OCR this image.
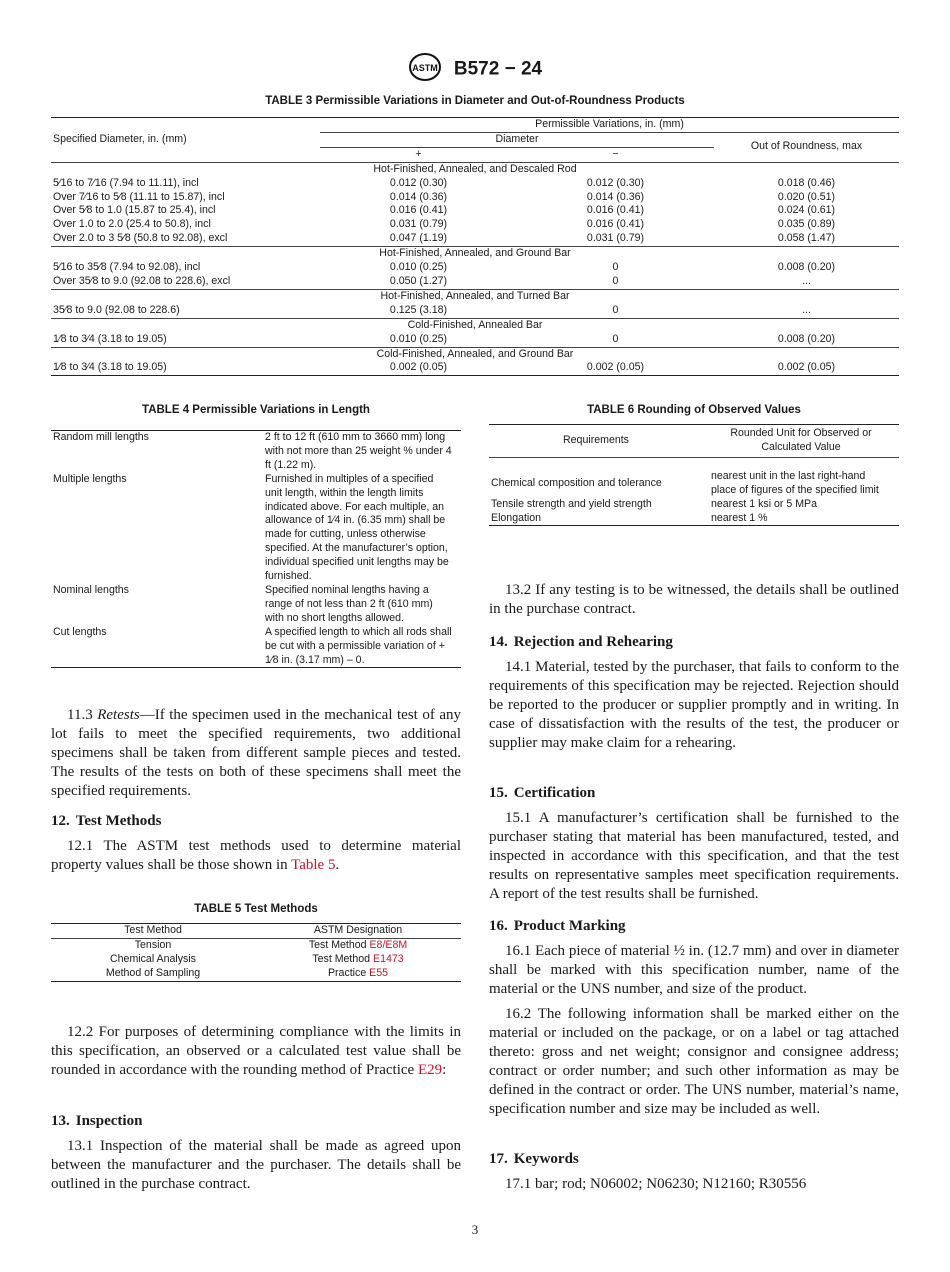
ASTM B572 − 24
TABLE 3 Permissible Variations in Diameter and Out-of-Roundness Products
Specified Diameter, in. (mm)	Permissible Variations, in. (mm)		
	Diameter		Out of Roundness, max
	+	−	
Hot-Finished, Annealed, and Descaled Rod			
5⁄16 to 7⁄16 (7.94 to 11.11), incl	0.012 (0.30)	0.012 (0.30)	0.018 (0.46)
Over 7⁄16 to 5⁄8 (11.11 to 15.87), incl	0.014 (0.36)	0.014 (0.36)	0.020 (0.51)
Over 5⁄8 to 1.0 (15.87 to 25.4), incl	0.016 (0.41)	0.016 (0.41)	0.024 (0.61)
Over 1.0 to 2.0 (25.4 to 50.8), incl	0.031 (0.79)	0.016 (0.41)	0.035 (0.89)
Over 2.0 to 3 5⁄8 (50.8 to 92.08), excl	0.047 (1.19)	0.031 (0.79)	0.058 (1.47)
Hot-Finished, Annealed, and Ground Bar			
5⁄16 to 35⁄8 (7.94 to 92.08), incl	0.010 (0.25)	0	0.008 (0.20)
Over 35⁄8 to 9.0 (92.08 to 228.6), excl	0.050 (1.27)	0	...
Hot-Finished, Annealed, and Turned Bar			
35⁄8 to 9.0 (92.08 to 228.6)	0.125 (3.18)	0	...
Cold-Finished, Annealed Bar			
1⁄8 to 3⁄4 (3.18 to 19.05)	0.010 (0.25)	0	0.008 (0.20)
Cold-Finished, Annealed, and Ground Bar			
1⁄8 to 3⁄4 (3.18 to 19.05)	0.002 (0.05)	0.002 (0.05)	0.002 (0.05)
TABLE 4 Permissible Variations in Length
Random mill lengths	2 ft to 12 ft (610 mm to 3660 mm) long with not more than 25 weight % under 4 ft (1.22 m).
Multiple lengths	Furnished in multiples of a specified unit length, within the length limits indicated above. For each multiple, an allowance of 1⁄4 in. (6.35 mm) shall be made for cutting, unless otherwise specified. At the manufacturer’s option, individual specified unit lengths may be furnished.
Nominal lengths	Specified nominal lengths having a range of not less than 2 ft (610 mm) with no short lengths allowed.
Cut lengths	A specified length to which all rods shall be cut with a permissible variation of + 1⁄8 in. (3.17 mm) – 0.
TABLE 6 Rounding of Observed Values
Requirements	Rounded Unit for Observed or Calculated Value
Chemical composition and tolerance	nearest unit in the last right-hand place of figures of the specified limit
Tensile strength and yield strength	nearest 1 ksi or 5 MPa
Elongation	nearest 1 %
TABLE 5 Test Methods
Test Method	ASTM Designation
Tension	Test Method E8/E8M
Chemical Analysis	Test Method E1473
Method of Sampling	Practice E55

11.3 Retests—If the specimen used in the mechanical test of any lot fails to meet the specified requirements, two additional specimens shall be taken from different sample pieces and tested. The results of the tests on both of these specimens shall meet the specified requirements.

12. Test Methods

12.1 The ASTM test methods used to determine material property values shall be those shown in Table 5.

12.2 For purposes of determining compliance with the limits in this specification, an observed or a calculated test value shall be rounded in accordance with the rounding method of Practice E29:

13. Inspection

13.1 Inspection of the material shall be made as agreed upon between the manufacturer and the purchaser. The details shall be outlined in the purchase contract.

13.2 If any testing is to be witnessed, the details shall be outlined in the purchase contract.

14. Rejection and Rehearing

14.1 Material, tested by the purchaser, that fails to conform to the requirements of this specification may be rejected. Rejection should be reported to the producer or supplier promptly and in writing. In case of dissatisfaction with the results of the test, the producer or supplier may make claim for a rehearing.

15. Certification

15.1 A manufacturer’s certification shall be furnished to the purchaser stating that material has been manufactured, tested, and inspected in accordance with this specification, and that the test results on representative samples meet specification requirements. A report of the test results shall be furnished.

16. Product Marking

16.1 Each piece of material ½ in. (12.7 mm) and over in diameter shall be marked with this specification number, name of the material or the UNS number, and size of the product.

16.2 The following information shall be marked either on the material or included on the package, or on a label or tag attached thereto: gross and net weight; consignor and consignee address; contract or order number; and such other information as may be defined in the contract or order. The UNS number, material’s name, specification number and size may be included as well.

17. Keywords

17.1 bar; rod; N06002; N06230; N12160; R30556

3
